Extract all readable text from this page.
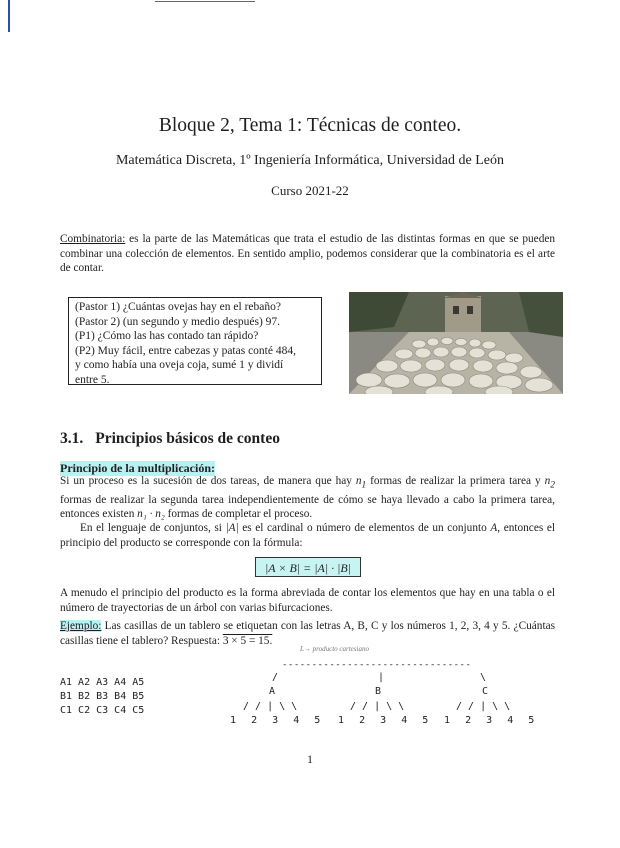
Bloque 2, Tema 1: Técnicas de conteo.
Matemática Discreta, 1º Ingeniería Informática, Universidad de León
Curso 2021-22
Combinatoria: es la parte de las Matemáticas que trata el estudio de las distintas formas en que se pueden combinar una colección de elementos. En sentido amplio, podemos considerar que la combinatoria es el arte de contar.
(Pastor 1) ¿Cuántas ovejas hay en el rebaño?
(Pastor 2) (un segundo y medio después) 97.
(P1) ¿Cómo las has contado tan rápido?
(P2) Muy fácil, entre cabezas y patas conté 484,
y como había una oveja coja, sumé 1 y dividí
entre 5.
3.1. Principios básicos de conteo
Principio de la multiplicación:
Si un proceso es la sucesión de dos tareas, de manera que hay $n_1$ formas de realizar la primera tarea y $n_2$ formas de realizar la segunda tarea independientemente de cómo se haya llevado a cabo la primera tarea, entonces existen n₁ · n₂ formas de completar el proceso.
En el lenguaje de conjuntos, si |A| es el cardinal o número de elementos de un conjunto A, entonces el principio del producto se corresponde con la fórmula:
|A × B| = |A| · |B|
A menudo el principio del producto es la forma abreviada de contar los elementos que hay en una tabla o el número de trayectorias de un árbol con varias bifurcaciones.
Ejemplo: Las casillas de un tablero se etiquetan con las letras A, B, C y los números 1, 2, 3, 4 y 5. ¿Cuántas casillas tiene el tablero? Respuesta: 3 × 5 = 15.
L→ producto cartesiano
--------------------------------
A1 A2 A3 A4 A5
B1 B2 B3 B4 B5
C1 C2 C3 C4 C5
/	|	\
A	B	C
/ / | \ \	/ / | \ \	/ / | \ \
1 2 3 4 5 1 2 3 4 5 1 2 3 4 5
1
